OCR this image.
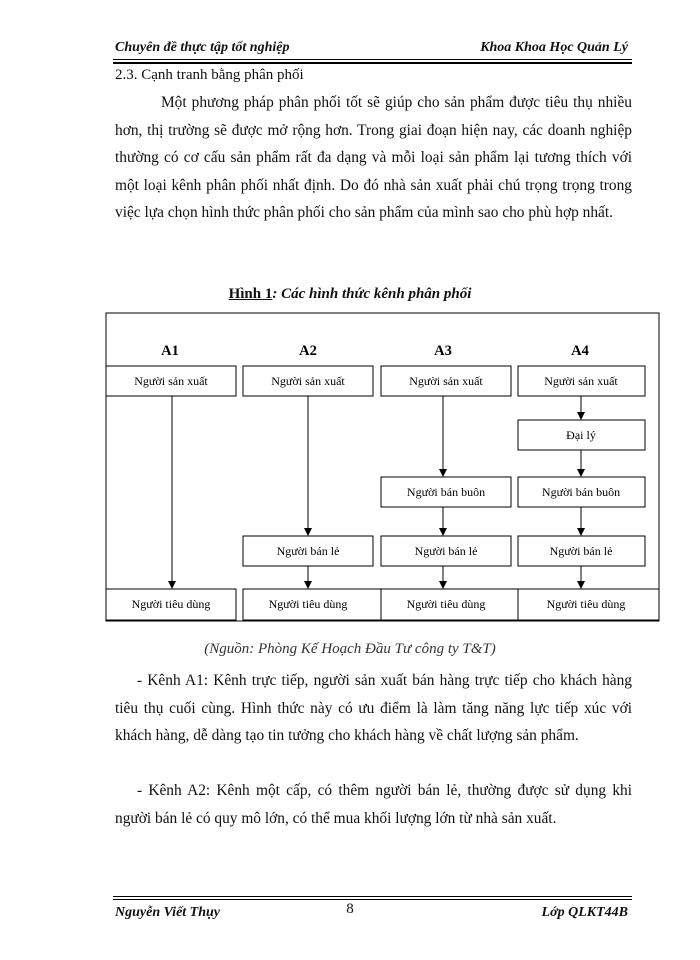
Chuyên đề thực tập tốt nghiệp	Khoa Khoa Học Quản Lý
2.3. Cạnh tranh bằng phân phối

Một phương pháp phân phối tốt sẽ giúp cho sản phẩm được tiêu thụ nhiều hơn, thị trường sẽ được mở rộng hơn. Trong giai đoạn hiện nay, các doanh nghiệp thường có cơ cấu sản phẩm rất đa dạng và mỗi loại sản phẩm lại tương thích với một loại kênh phân phối nhất định. Do đó nhà sản xuất phải chú trọng trọng trong việc lựa chọn hình thức phân phối cho sản phẩm của mình sao cho phù hợp nhất.

Hình 1: Các hình thức kênh phân phối
A1	A2	A3	A4
Người sản xuất	Người sản xuất	Người sản xuất	Người sản xuất
Đại lý
Người bán buôn	Người bán buôn
Người bán lẻ	Người bán lẻ	Người bán lẻ
Người tiêu dùng	Người tiêu dùng	Người tiêu dùng	Người tiêu dùng
(Nguồn: Phòng Kế Hoạch Đầu Tư công ty T&T)

- Kênh A1: Kênh trực tiếp, người sản xuất bán hàng trực tiếp cho khách hàng tiêu thụ cuối cùng. Hình thức này có ưu điểm là làm tăng năng lực tiếp xúc với khách hàng, dễ dàng tạo tin tưởng cho khách hàng về chất lượng sản phẩm.

- Kênh A2: Kênh một cấp, có thêm người bán lẻ, thường được sử dụng khi người bán lẻ có quy mô lớn, có thể mua khối lượng lớn từ nhà sản xuất.

Nguyễn Viết Thụy	8	Lớp QLKT44B
